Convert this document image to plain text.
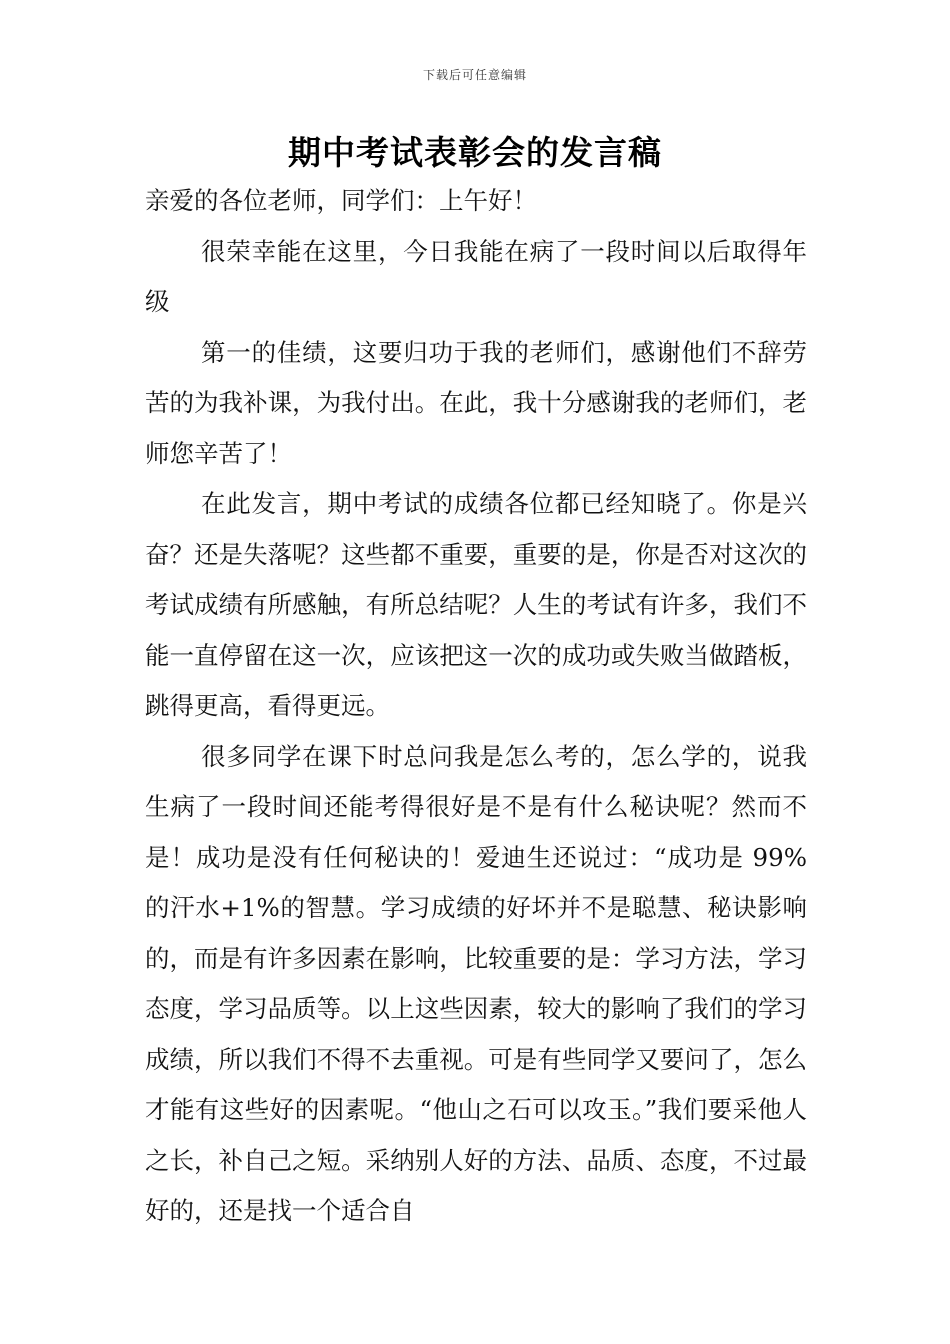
下载后可任意编辑
期中考试表彰会的发言稿

亲爱的各位老师，同学们：上午好！

很荣幸能在这里，今日我能在病了一段时间以后取得年级

第一的佳绩，这要归功于我的老师们，感谢他们不辞劳苦的为我补课，为我付出。在此，我十分感谢我的老师们，老师您辛苦了！

在此发言，期中考试的成绩各位都已经知晓了。你是兴奋？还是失落呢？这些都不重要，重要的是，你是否对这次的考试成绩有所感触，有所总结呢？人生的考试有许多，我们不能一直停留在这一次，应该把这一次的成功或失败当做踏板，跳得更高，看得更远。

很多同学在课下时总问我是怎么考的，怎么学的，说我生病了一段时间还能考得很好是不是有什么秘诀呢？然而不是！成功是没有任何秘诀的！爱迪生还说过：“成功是 99%的汗水+1%的智慧。学习成绩的好坏并不是聪慧、秘诀影响的，而是有许多因素在影响，比较重要的是：学习方法，学习态度，学习品质等。以上这些因素，较大的影响了我们的学习成绩，所以我们不得不去重视。可是有些同学又要问了，怎么才能有这些好的因素呢。“他山之石可以攻玉。”我们要采他人之长，补自己之短。采纳别人好的方法、品质、态度，不过最好的，还是找一个适合自
